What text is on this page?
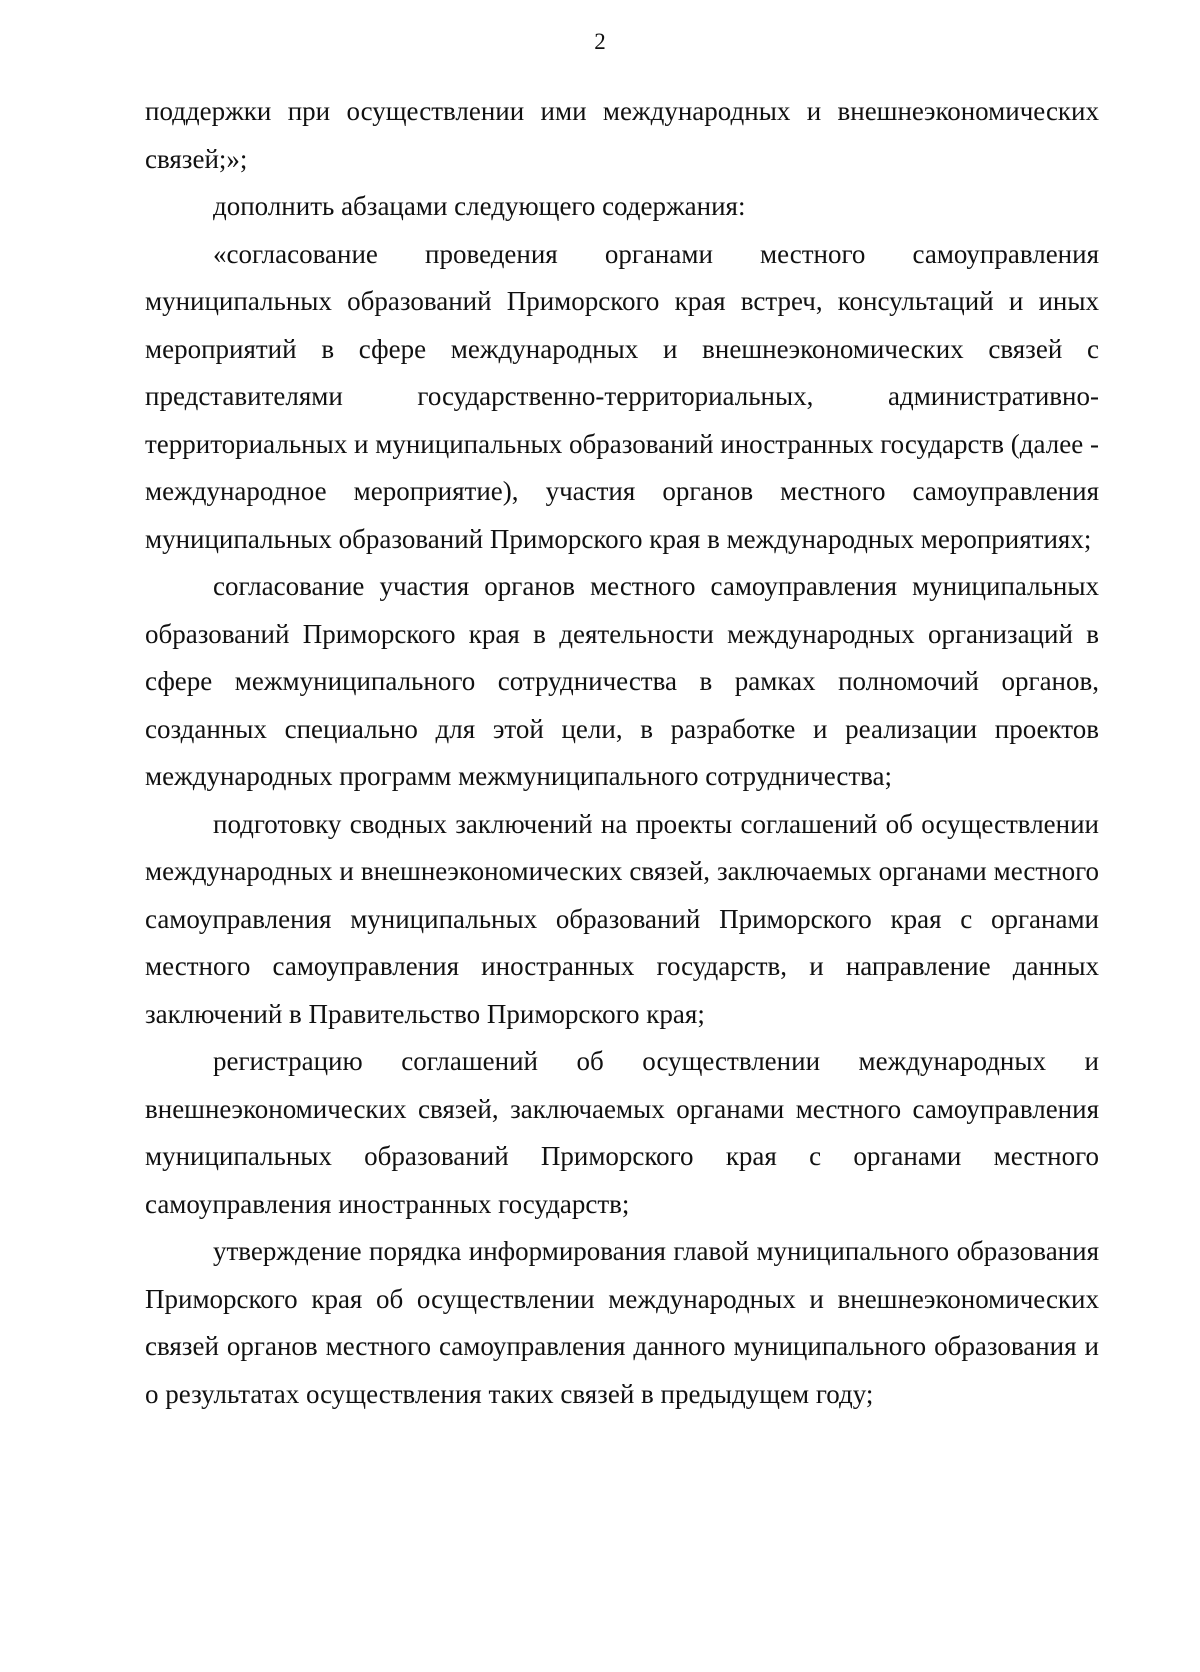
2

поддержки при осуществлении ими международных и внешнеэкономических связей;»;

дополнить абзацами следующего содержания:

«согласование проведения органами местного самоуправления муниципальных образований Приморского края встреч, консультаций и иных мероприятий в сфере международных и внешнеэкономических связей с представителями государственно-территориальных, административно-территориальных и муниципальных образований иностранных государств (далее - международное мероприятие), участия органов местного самоуправления муниципальных образований Приморского края в международных мероприятиях;

согласование участия органов местного самоуправления муниципальных образований Приморского края в деятельности международных организаций в сфере межмуниципального сотрудничества в рамках полномочий органов, созданных специально для этой цели, в разработке и реализации проектов международных программ межмуниципального сотрудничества;

подготовку сводных заключений на проекты соглашений об осуществлении международных и внешнеэкономических связей, заключаемых органами местного самоуправления муниципальных образований Приморского края с органами местного самоуправления иностранных государств, и направление данных заключений в Правительство Приморского края;

регистрацию соглашений об осуществлении международных и внешнеэкономических связей, заключаемых органами местного самоуправления муниципальных образований Приморского края с органами местного самоуправления иностранных государств;

утверждение порядка информирования главой муниципального образования Приморского края об осуществлении международных и внешнеэкономических связей органов местного самоуправления данного муниципального образования и о результатах осуществления таких связей в предыдущем году;
